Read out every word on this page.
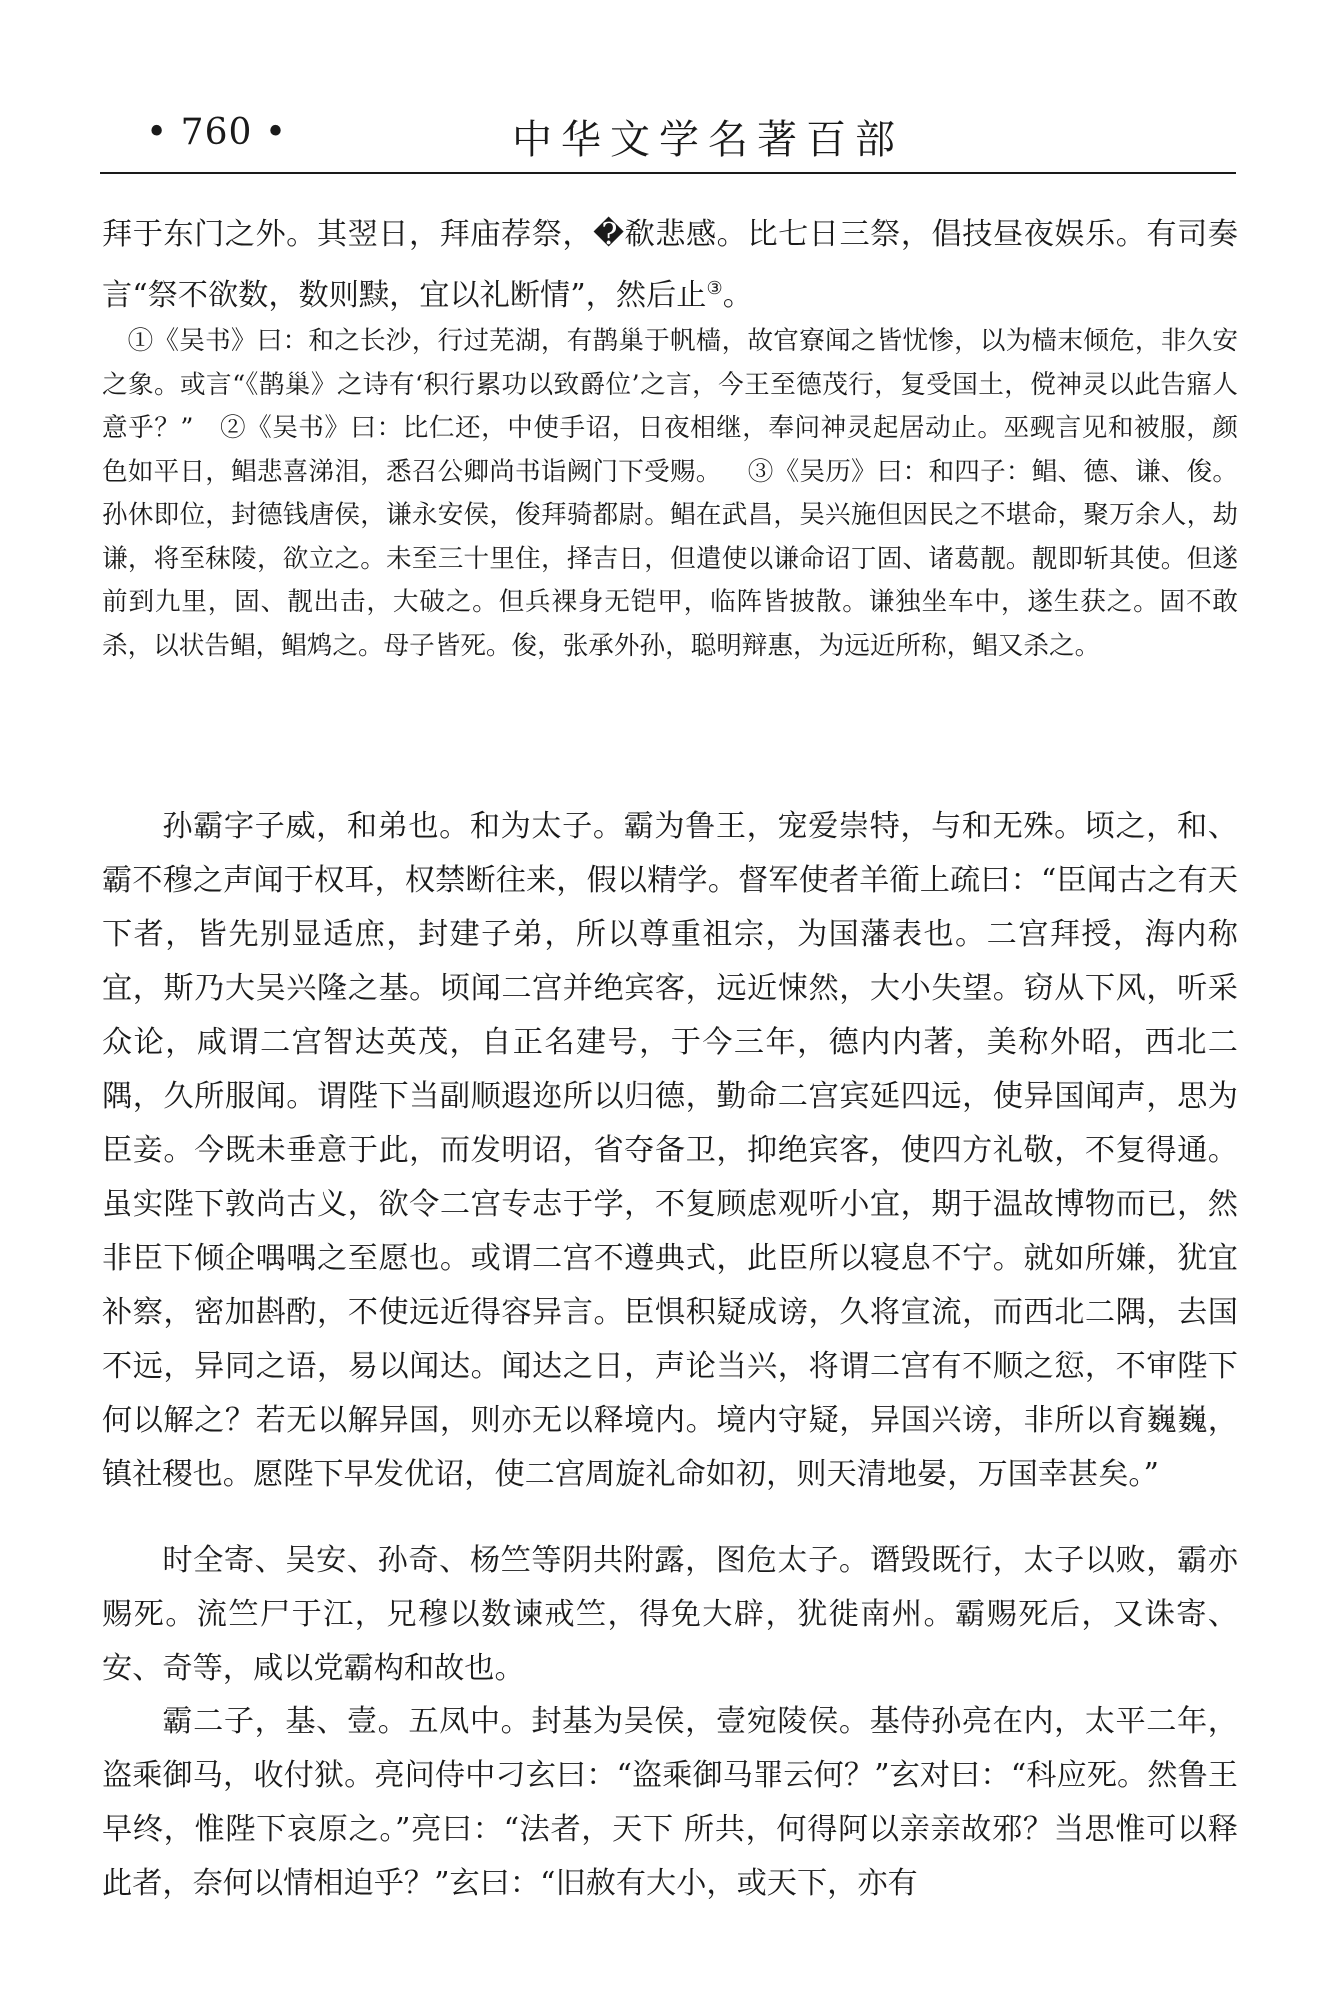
• 760 •	中华文学名著百部

拜于东门之外。其翌日，拜庙荐祭，�欷悲感。比七日三祭，倡技昼夜娱乐。有司奏言“祭不欲数，数则黩，宜以礼断情”，然后止③。

①《吴书》曰：和之长沙，行过芜湖，有鹊巢于帆樯，故官寮闻之皆忧惨，以为樯末倾危，非久安之象。或言“《鹊巢》之诗有‘积行累功以致爵位’之言，今王至德茂行，复受国土，傥神灵以此告寤人意乎？” ②《吴书》曰：比仁还，中使手诏，日夜相继，奉问神灵起居动止。巫觋言见和被服，颜色如平日，鲳悲喜涕泪，悉召公卿尚书诣阙门下受赐。 ③《吴历》曰：和四子：鲳、德、谦、俊。孙休即位，封德钱唐侯，谦永安侯，俊拜骑都尉。鲳在武昌，吴兴施但因民之不堪命，聚万余人，劫谦，将至秣陵，欲立之。未至三十里住，择吉日，但遣使以谦命诏丁固、诸葛靓。靓即斩其使。但遂前到九里，固、靓出击，大破之。但兵裸身无铠甲，临阵皆披散。谦独坐车中，遂生获之。固不敢杀，以状告鲳，鲳鸩之。母子皆死。俊，张承外孙，聪明辩惠，为远近所称，鲳又杀之。

孙霸字子威，和弟也。和为太子。霸为鲁王，宠爱崇特，与和无殊。顷之，和、霸不穆之声闻于权耳，权禁断往来，假以精学。督军使者羊衜上疏曰：“臣闻古之有天下者，皆先别显适庶，封建子弟，所以尊重祖宗，为国藩表也。二宫拜授，海内称宜，斯乃大吴兴隆之基。顷闻二宫并绝宾客，远近悚然，大小失望。窃从下风，听采众论，咸谓二宫智达英茂，自正名建号，于今三年，德内内著，美称外昭，西北二隅，久所服闻。谓陛下当副顺遐迩所以归德，勤命二宫宾延四远，使异国闻声，思为臣妾。今既未垂意于此，而发明诏，省夺备卫，抑绝宾客，使四方礼敬，不复得通。虽实陛下敦尚古义，欲令二宫专志于学，不复顾虑观听小宜，期于温故博物而已，然非臣下倾企喁喁之至愿也。或谓二宫不遵典式，此臣所以寝息不宁。就如所嫌，犹宜补察，密加斟酌，不使远近得容异言。臣惧积疑成谤，久将宣流，而西北二隅，去国不远，异同之语，易以闻达。闻达之日，声论当兴，将谓二宫有不顺之愆，不审陛下何以解之？若无以解异国，则亦无以释境内。境内守疑，异国兴谤，非所以育巍巍，镇社稷也。愿陛下早发优诏，使二宫周旋礼命如初，则天清地晏，万国幸甚矣。”

时全寄、吴安、孙奇、杨竺等阴共附露，图危太子。谮毁既行，太子以败，霸亦赐死。流竺尸于江，兄穆以数谏戒竺，得免大辟，犹徙南州。霸赐死后，又诛寄、安、奇等，咸以党霸构和故也。

霸二子，基、壹。五凤中。封基为吴侯，壹宛陵侯。基侍孙亮在内，太平二年，盗乘御马，收付狱。亮问侍中刁玄曰：“盗乘御马罪云何？”玄对曰：“科应死。然鲁王早终，惟陛下哀原之。”亮曰：“法者，天下 所共，何得阿以亲亲故邪？当思惟可以释此者，奈何以情相迫乎？”玄曰：“旧赦有大小，或天下，亦有
